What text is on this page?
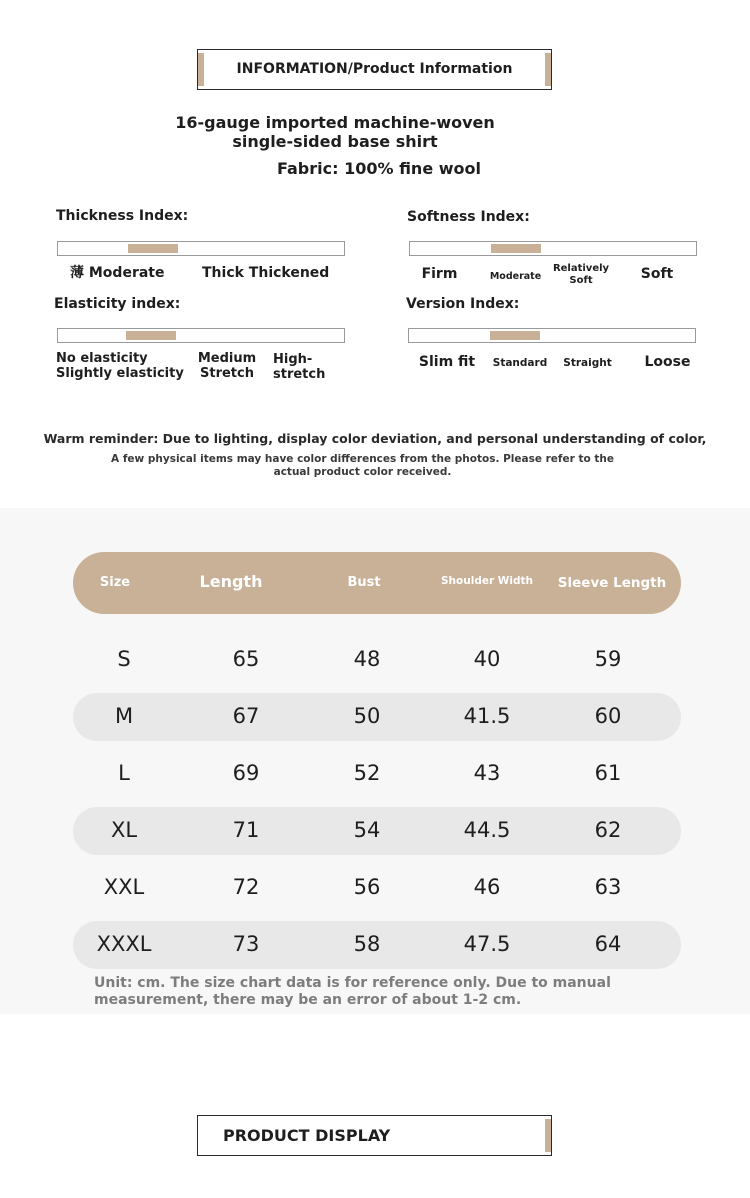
INFORMATION/Product Information
16-gauge imported machine-woven single-sided base shirt
Fabric: 100% fine wool
Thickness Index:
薄 Moderate	Thick Thickened
Softness Index:
Firm	Moderate
Relatively Soft	Soft
Elasticity index:
No elasticity Slightly elasticity
Medium Stretch
High-stretch
Version Index:
Slim fit Standard	Straight	Loose
Warm reminder: Due to lighting, display color deviation, and personal understanding of color,
A few physical items may have color differences from the photos. Please refer to the actual product color received.
Size	Length	Bust	Shoulder Width	Sleeve Length
S	65	48	40	59
M	67	50	41.5	60
L	69	52	43	61
XL	71	54	44.5	62
XXL	72	56	46	63
XXXL	73	58	47.5	64
Unit: cm. The size chart data is for reference only. Due to manual measurement, there may be an error of about 1-2 cm.
PRODUCT DISPLAY
